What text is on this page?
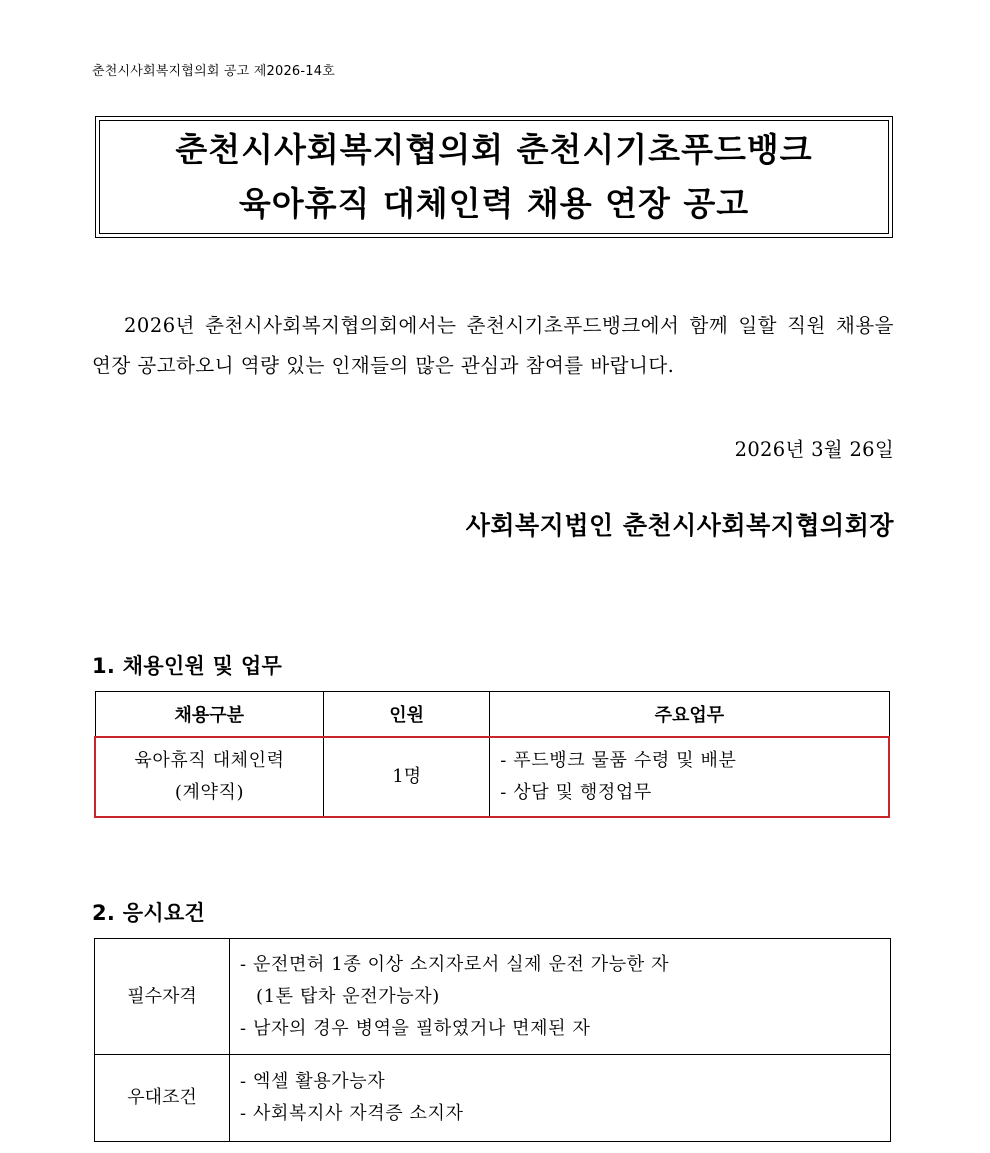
춘천시사회복지협의회 공고 제2026-14호
춘천시사회복지협의회 춘천시기초푸드뱅크
육아휴직 대체인력 채용 연장 공고
2026년 춘천시사회복지협의회에서는 춘천시기초푸드뱅크에서 함께 일할 직원 채용을 연장 공고하오니 역량 있는 인재들의 많은 관심과 참여를 바랍니다.
2026년 3월 26일
사회복지법인 춘천시사회복지협의회장
1. 채용인원 및 업무
채용구분	인원	주요업무

육아휴직 대체인력
(계약직)	1명	- 푸드뱅크 물품 수령 및 배분
- 상담 및 행정업무
2. 응시요건
필수자격	- 운전면허 1종 이상 소지자로서 실제 운전 가능한 자
(1톤 탑차 운전가능자)
- 남자의 경우 병역을 필하였거나 면제된 자

우대조건	- 엑셀 활용가능자
- 사회복지사 자격증 소지자
